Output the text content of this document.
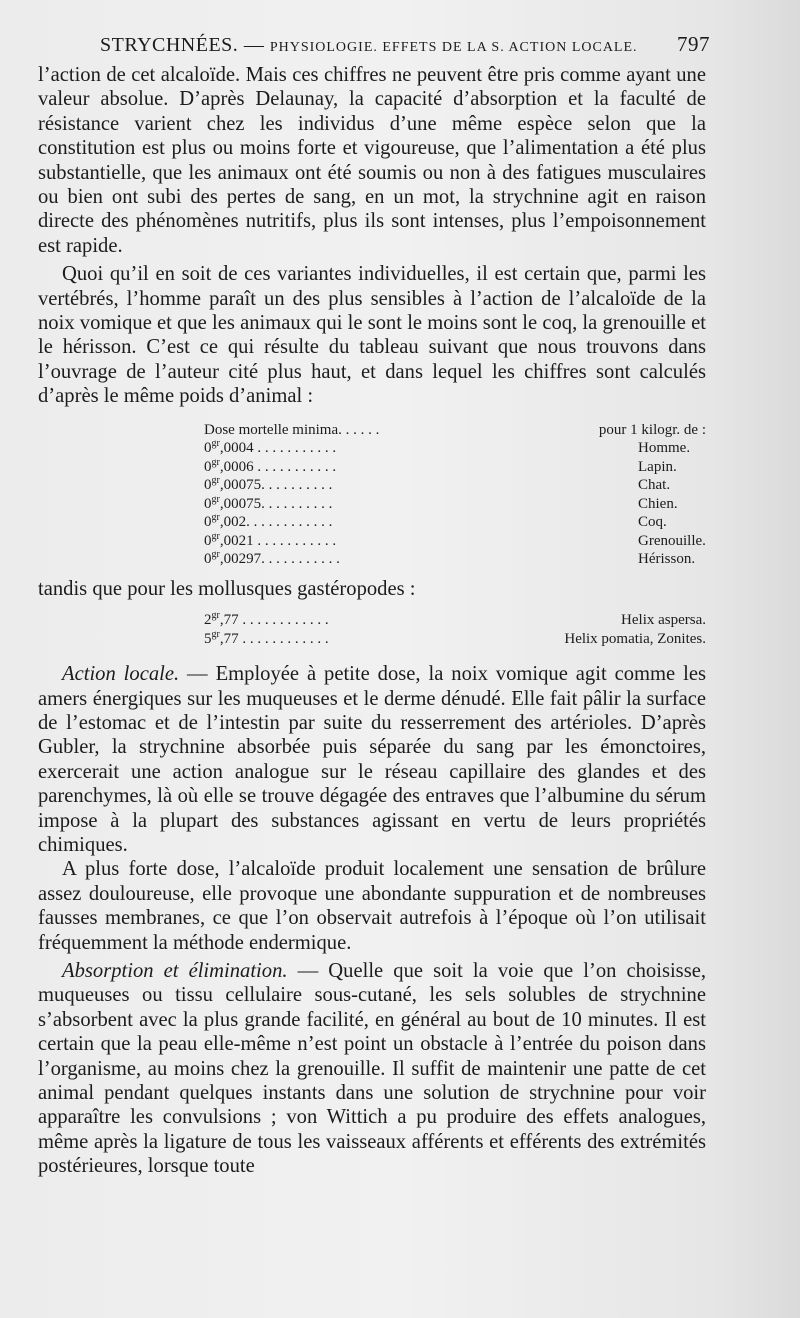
STRYCHNÉES. — PHYSIOLOGIE. EFFETS DE LA S. ACTION LOCALE. 797

l’action de cet alcaloïde. Mais ces chiffres ne peuvent être pris comme ayant une valeur absolue. D’après Delaunay, la capacité d’absorption et la faculté de résistance varient chez les individus d’une même espèce selon que la constitution est plus ou moins forte et vigoureuse, que l’alimentation a été plus substantielle, que les animaux ont été soumis ou non à des fatigues musculaires ou bien ont subi des pertes de sang, en un mot, la strychnine agit en raison directe des phénomènes nutritifs, plus ils sont intenses, plus l’empoisonnement est rapide.

Quoi qu’il en soit de ces variantes individuelles, il est certain que, parmi les vertébrés, l’homme paraît un des plus sensibles à l’action de l’alcaloïde de la noix vomique et que les animaux qui le sont le moins sont le coq, la grenouille et le hérisson. C’est ce qui résulte du tableau suivant que nous trouvons dans l’ouvrage de l’auteur cité plus haut, et dans lequel les chiffres sont calculés d’après le même poids d’animal :

Dose mortelle minima. . . . . .	pour 1 kilogr. de :
$0^{gr},0004$ . . . . . . . . . . .	Homme.
$0^{gr},0006$ . . . . . . . . . . .	Lapin.
$0^{gr},00075$. . . . . . . . . .	Chat.
$0^{gr},00075$. . . . . . . . . .	Chien.
$0^{gr},002$. . . . . . . . . . . .	Coq.
$0^{gr},0021$ . . . . . . . . . . .	Grenouille.
$0^{gr},00297$. . . . . . . . . . .	Hérisson.

tandis que pour les mollusques gastéropodes :

$2^{gr},77$ . . . . . . . . . . . .	Helix aspersa.
$5^{gr},77$ . . . . . . . . . . . .	Helix pomatia, Zonites.

Action locale. — Employée à petite dose, la noix vomique agit comme les amers énergiques sur les muqueuses et le derme dénudé. Elle fait pâlir la surface de l’estomac et de l’intestin par suite du resserrement des artérioles. D’après Gubler, la strychnine absorbée puis séparée du sang par les émonctoires, exercerait une action analogue sur le réseau capillaire des glandes et des parenchymes, là où elle se trouve dégagée des entraves que l’albumine du sérum impose à la plupart des substances agissant en vertu de leurs propriétés chimiques.

A plus forte dose, l’alcaloïde produit localement une sensation de brûlure assez douloureuse, elle provoque une abondante suppuration et de nombreuses fausses membranes, ce que l’on observait autrefois à l’époque où l’on utilisait fréquemment la méthode endermique.

Absorption et élimination. — Quelle que soit la voie que l’on choisisse, muqueuses ou tissu cellulaire sous-cutané, les sels solubles de strychnine s’absorbent avec la plus grande facilité, en général au bout de 10 minutes. Il est certain que la peau elle-même n’est point un obstacle à l’entrée du poison dans l’organisme, au moins chez la grenouille. Il suffit de maintenir une patte de cet animal pendant quelques instants dans une solution de strychnine pour voir apparaître les convulsions ; von Wittich a pu produire des effets analogues, même après la ligature de tous les vaisseaux afférents et efférents des extrémités postérieures, lorsque toute
